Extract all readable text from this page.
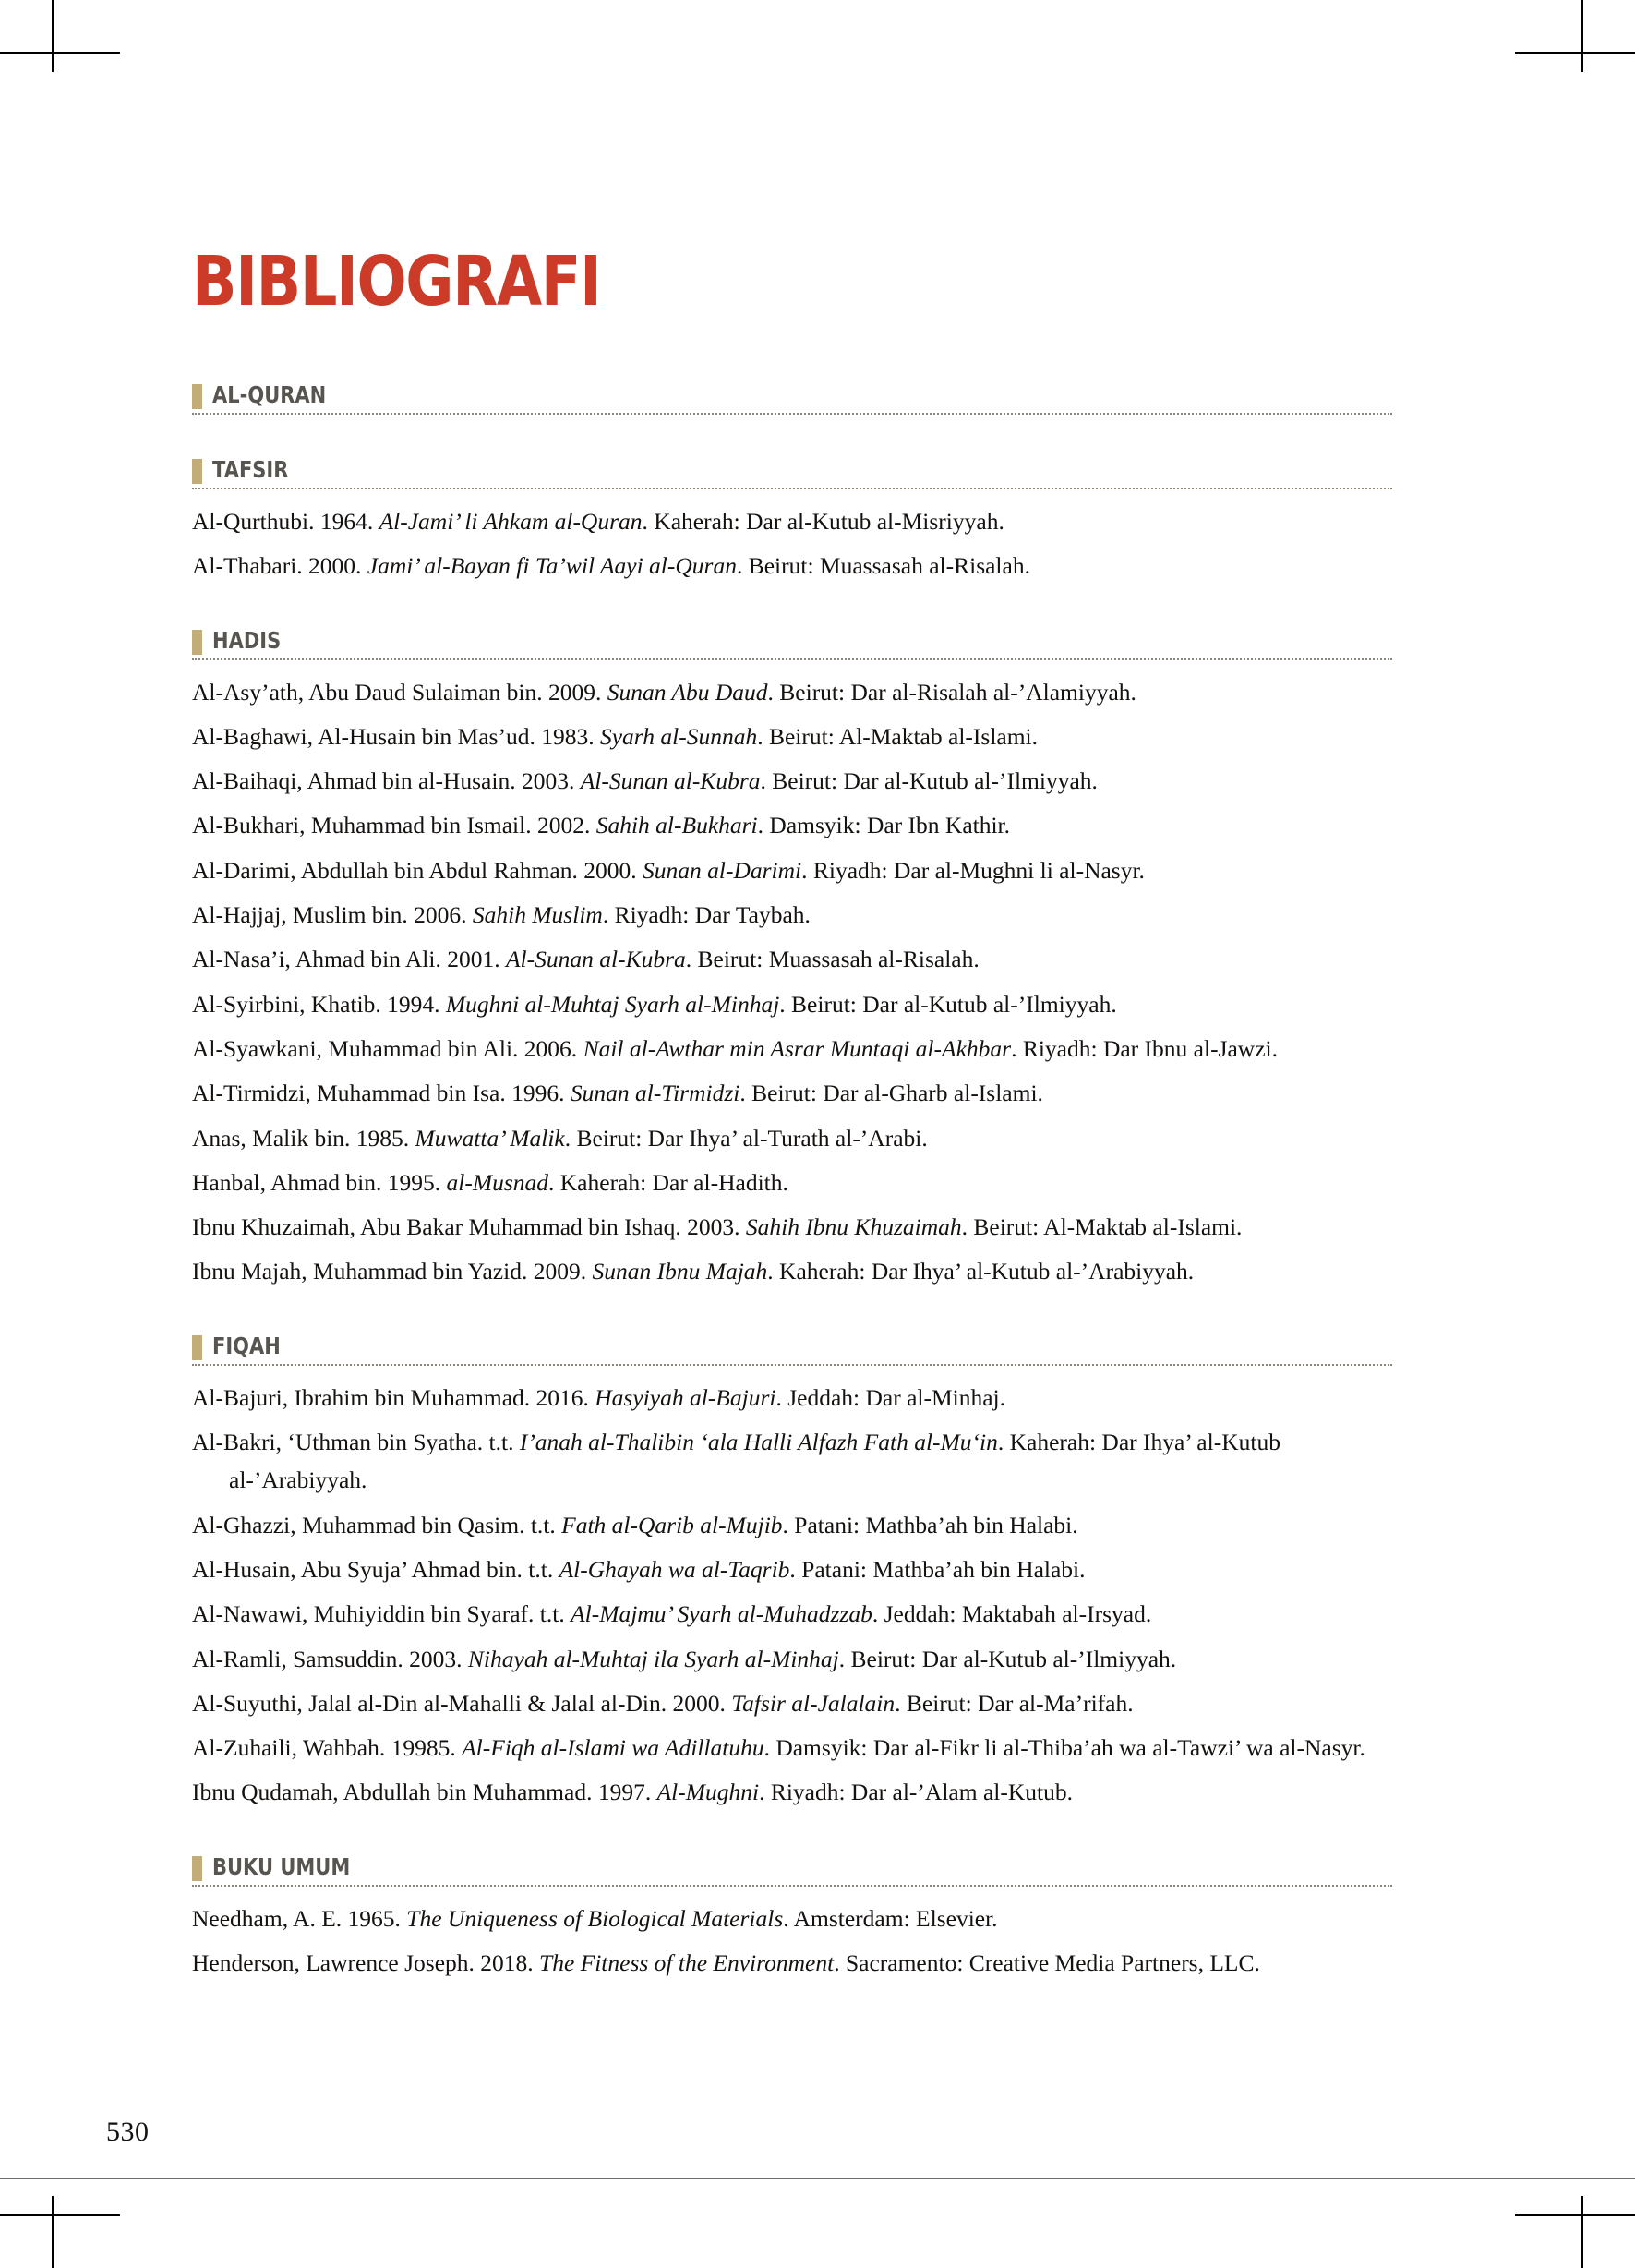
BIBLIOGRAFI
AL-QURAN
TAFSIR

Al-Qurthubi. 1964. Al-Jami’ li Ahkam al-Quran. Kaherah: Dar al-Kutub al-Misriyyah.

Al-Thabari. 2000. Jami’ al-Bayan fi Ta’wil Aayi al-Quran. Beirut: Muassasah al-Risalah.

HADIS

Al-Asy’ath, Abu Daud Sulaiman bin. 2009. Sunan Abu Daud. Beirut: Dar al-Risalah al-’Alamiyyah.

Al-Baghawi, Al-Husain bin Mas’ud. 1983. Syarh al-Sunnah. Beirut: Al-Maktab al-Islami.

Al-Baihaqi, Ahmad bin al-Husain. 2003. Al-Sunan al-Kubra. Beirut: Dar al-Kutub al-’Ilmiyyah.

Al-Bukhari, Muhammad bin Ismail. 2002. Sahih al-Bukhari. Damsyik: Dar Ibn Kathir.

Al-Darimi, Abdullah bin Abdul Rahman. 2000. Sunan al-Darimi. Riyadh: Dar al-Mughni li al-Nasyr.

Al-Hajjaj, Muslim bin. 2006. Sahih Muslim. Riyadh: Dar Taybah.

Al-Nasa’i, Ahmad bin Ali. 2001. Al-Sunan al-Kubra. Beirut: Muassasah al-Risalah.

Al-Syirbini, Khatib. 1994. Mughni al-Muhtaj Syarh al-Minhaj. Beirut: Dar al-Kutub al-’Ilmiyyah.

Al-Syawkani, Muhammad bin Ali. 2006. Nail al-Awthar min Asrar Muntaqi al-Akhbar. Riyadh: Dar Ibnu al-Jawzi.

Al-Tirmidzi, Muhammad bin Isa. 1996. Sunan al-Tirmidzi. Beirut: Dar al-Gharb al-Islami.

Anas, Malik bin. 1985. Muwatta’ Malik. Beirut: Dar Ihya’ al-Turath al-’Arabi.

Hanbal, Ahmad bin. 1995. al-Musnad. Kaherah: Dar al-Hadith.

Ibnu Khuzaimah, Abu Bakar Muhammad bin Ishaq. 2003. Sahih Ibnu Khuzaimah. Beirut: Al-Maktab al-Islami.

Ibnu Majah, Muhammad bin Yazid. 2009. Sunan Ibnu Majah. Kaherah: Dar Ihya’ al-Kutub al-’Arabiyyah.

FIQAH

Al-Bajuri, Ibrahim bin Muhammad. 2016. Hasyiyah al-Bajuri. Jeddah: Dar al-Minhaj.

Al-Bakri, ʻUthman bin Syatha. t.t. I’anah al-Thalibin ʻala Halli Alfazh Fath al-Muʻin. Kaherah: Dar Ihya’ al-Kutub al-’Arabiyyah.

Al-Ghazzi, Muhammad bin Qasim. t.t. Fath al-Qarib al-Mujib. Patani: Mathba’ah bin Halabi.

Al-Husain, Abu Syuja’ Ahmad bin. t.t. Al-Ghayah wa al-Taqrib. Patani: Mathba’ah bin Halabi.

Al-Nawawi, Muhiyiddin bin Syaraf. t.t. Al-Majmu’ Syarh al-Muhadzzab. Jeddah: Maktabah al-Irsyad.

Al-Ramli, Samsuddin. 2003. Nihayah al-Muhtaj ila Syarh al-Minhaj. Beirut: Dar al-Kutub al-’Ilmiyyah.

Al-Suyuthi, Jalal al-Din al-Mahalli & Jalal al-Din. 2000. Tafsir al-Jalalain. Beirut: Dar al-Ma’rifah.

Al-Zuhaili, Wahbah. 19985. Al-Fiqh al-Islami wa Adillatuhu. Damsyik: Dar al-Fikr li al-Thiba’ah wa al-Tawzi’ wa al-Nasyr.

Ibnu Qudamah, Abdullah bin Muhammad. 1997. Al-Mughni. Riyadh: Dar al-’Alam al-Kutub.

BUKU UMUM

Needham, A. E. 1965. The Uniqueness of Biological Materials. Amsterdam: Elsevier.

Henderson, Lawrence Joseph. 2018. The Fitness of the Environment. Sacramento: Creative Media Partners, LLC.

530
